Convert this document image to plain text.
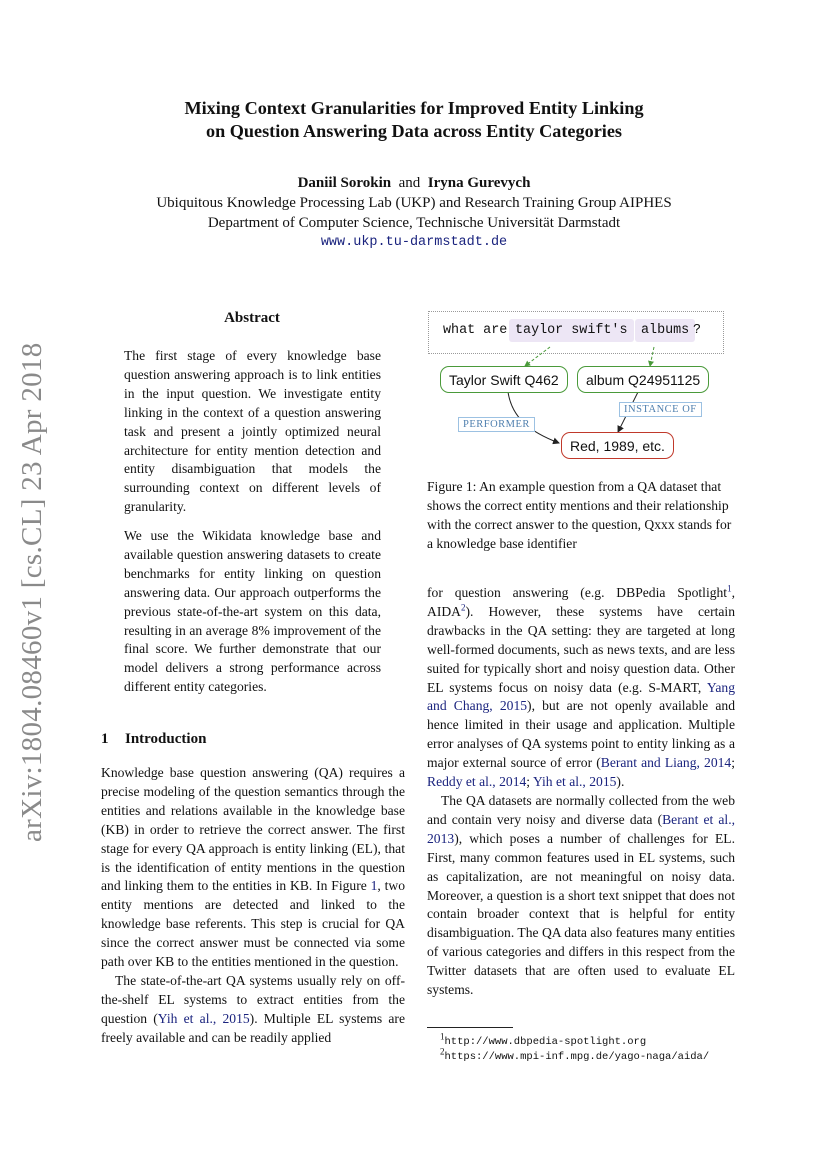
Mixing Context Granularities for Improved Entity Linking
on Question Answering Data across Entity Categories
Daniil Sorokin and Iryna Gurevych
Ubiquitous Knowledge Processing Lab (UKP) and Research Training Group AIPHES
Department of Computer Science, Technische Universität Darmstadt
www.ukp.tu-darmstadt.de
arXiv:1804.08460v1 [cs.CL] 23 Apr 2018
Abstract
The first stage of every knowledge base question answering approach is to link entities in the input question. We investigate entity linking in the context of a question answering task and present a jointly optimized neural architecture for entity mention detection and entity disambiguation that models the surrounding context on different levels of granularity.
We use the Wikidata knowledge base and available question answering datasets to create benchmarks for entity linking on question answering data. Our approach outperforms the previous state-of-the-art system on this data, resulting in an average 8% improvement of the final score. We further demonstrate that our model delivers a strong performance across different entity categories.
1 Introduction

Knowledge base question answering (QA) requires a precise modeling of the question semantics through the entities and relations available in the knowledge base (KB) in order to retrieve the correct answer. The first stage for every QA approach is entity linking (EL), that is the identification of entity mentions in the question and linking them to the entities in KB. In Figure 1, two entity mentions are detected and linked to the knowledge base referents. This step is crucial for QA since the correct answer must be connected via some path over KB to the entities mentioned in the question.

The state-of-the-art QA systems usually rely on off-the-shelf EL systems to extract entities from the question (Yih et al., 2015). Multiple EL systems are freely available and can be readily applied

what are taylor swift's	albums ?
Taylor Swift Q462	album Q24951125
PERFORMER
INSTANCE OF
Red, 1989, etc.
Figure 1: An example question from a QA dataset that shows the correct entity mentions and their relationship with the correct answer to the question, Qxxx stands for a knowledge base identifier

for question answering (e.g. DBPedia Spotlight$^1$, AIDA$^2$). However, these systems have certain drawbacks in the QA setting: they are targeted at long well-formed documents, such as news texts, and are less suited for typically short and noisy question data. Other EL systems focus on noisy data (e.g. S-MART, Yang and Chang, 2015), but are not openly available and hence limited in their usage and application. Multiple error analyses of QA systems point to entity linking as a major external source of error (Berant and Liang, 2014; Reddy et al., 2014; Yih et al., 2015).

The QA datasets are normally collected from the web and contain very noisy and diverse data (Berant et al., 2013), which poses a number of challenges for EL. First, many common features used in EL systems, such as capitalization, are not meaningful on noisy data. Moreover, a question is a short text snippet that does not contain broader context that is helpful for entity disambiguation. The QA data also features many entities of various categories and differs in this respect from the Twitter datasets that are often used to evaluate EL systems.

$^1$http://www.dbpedia-spotlight.org
$^2$https://www.mpi-inf.mpg.de/yago-naga/aida/
